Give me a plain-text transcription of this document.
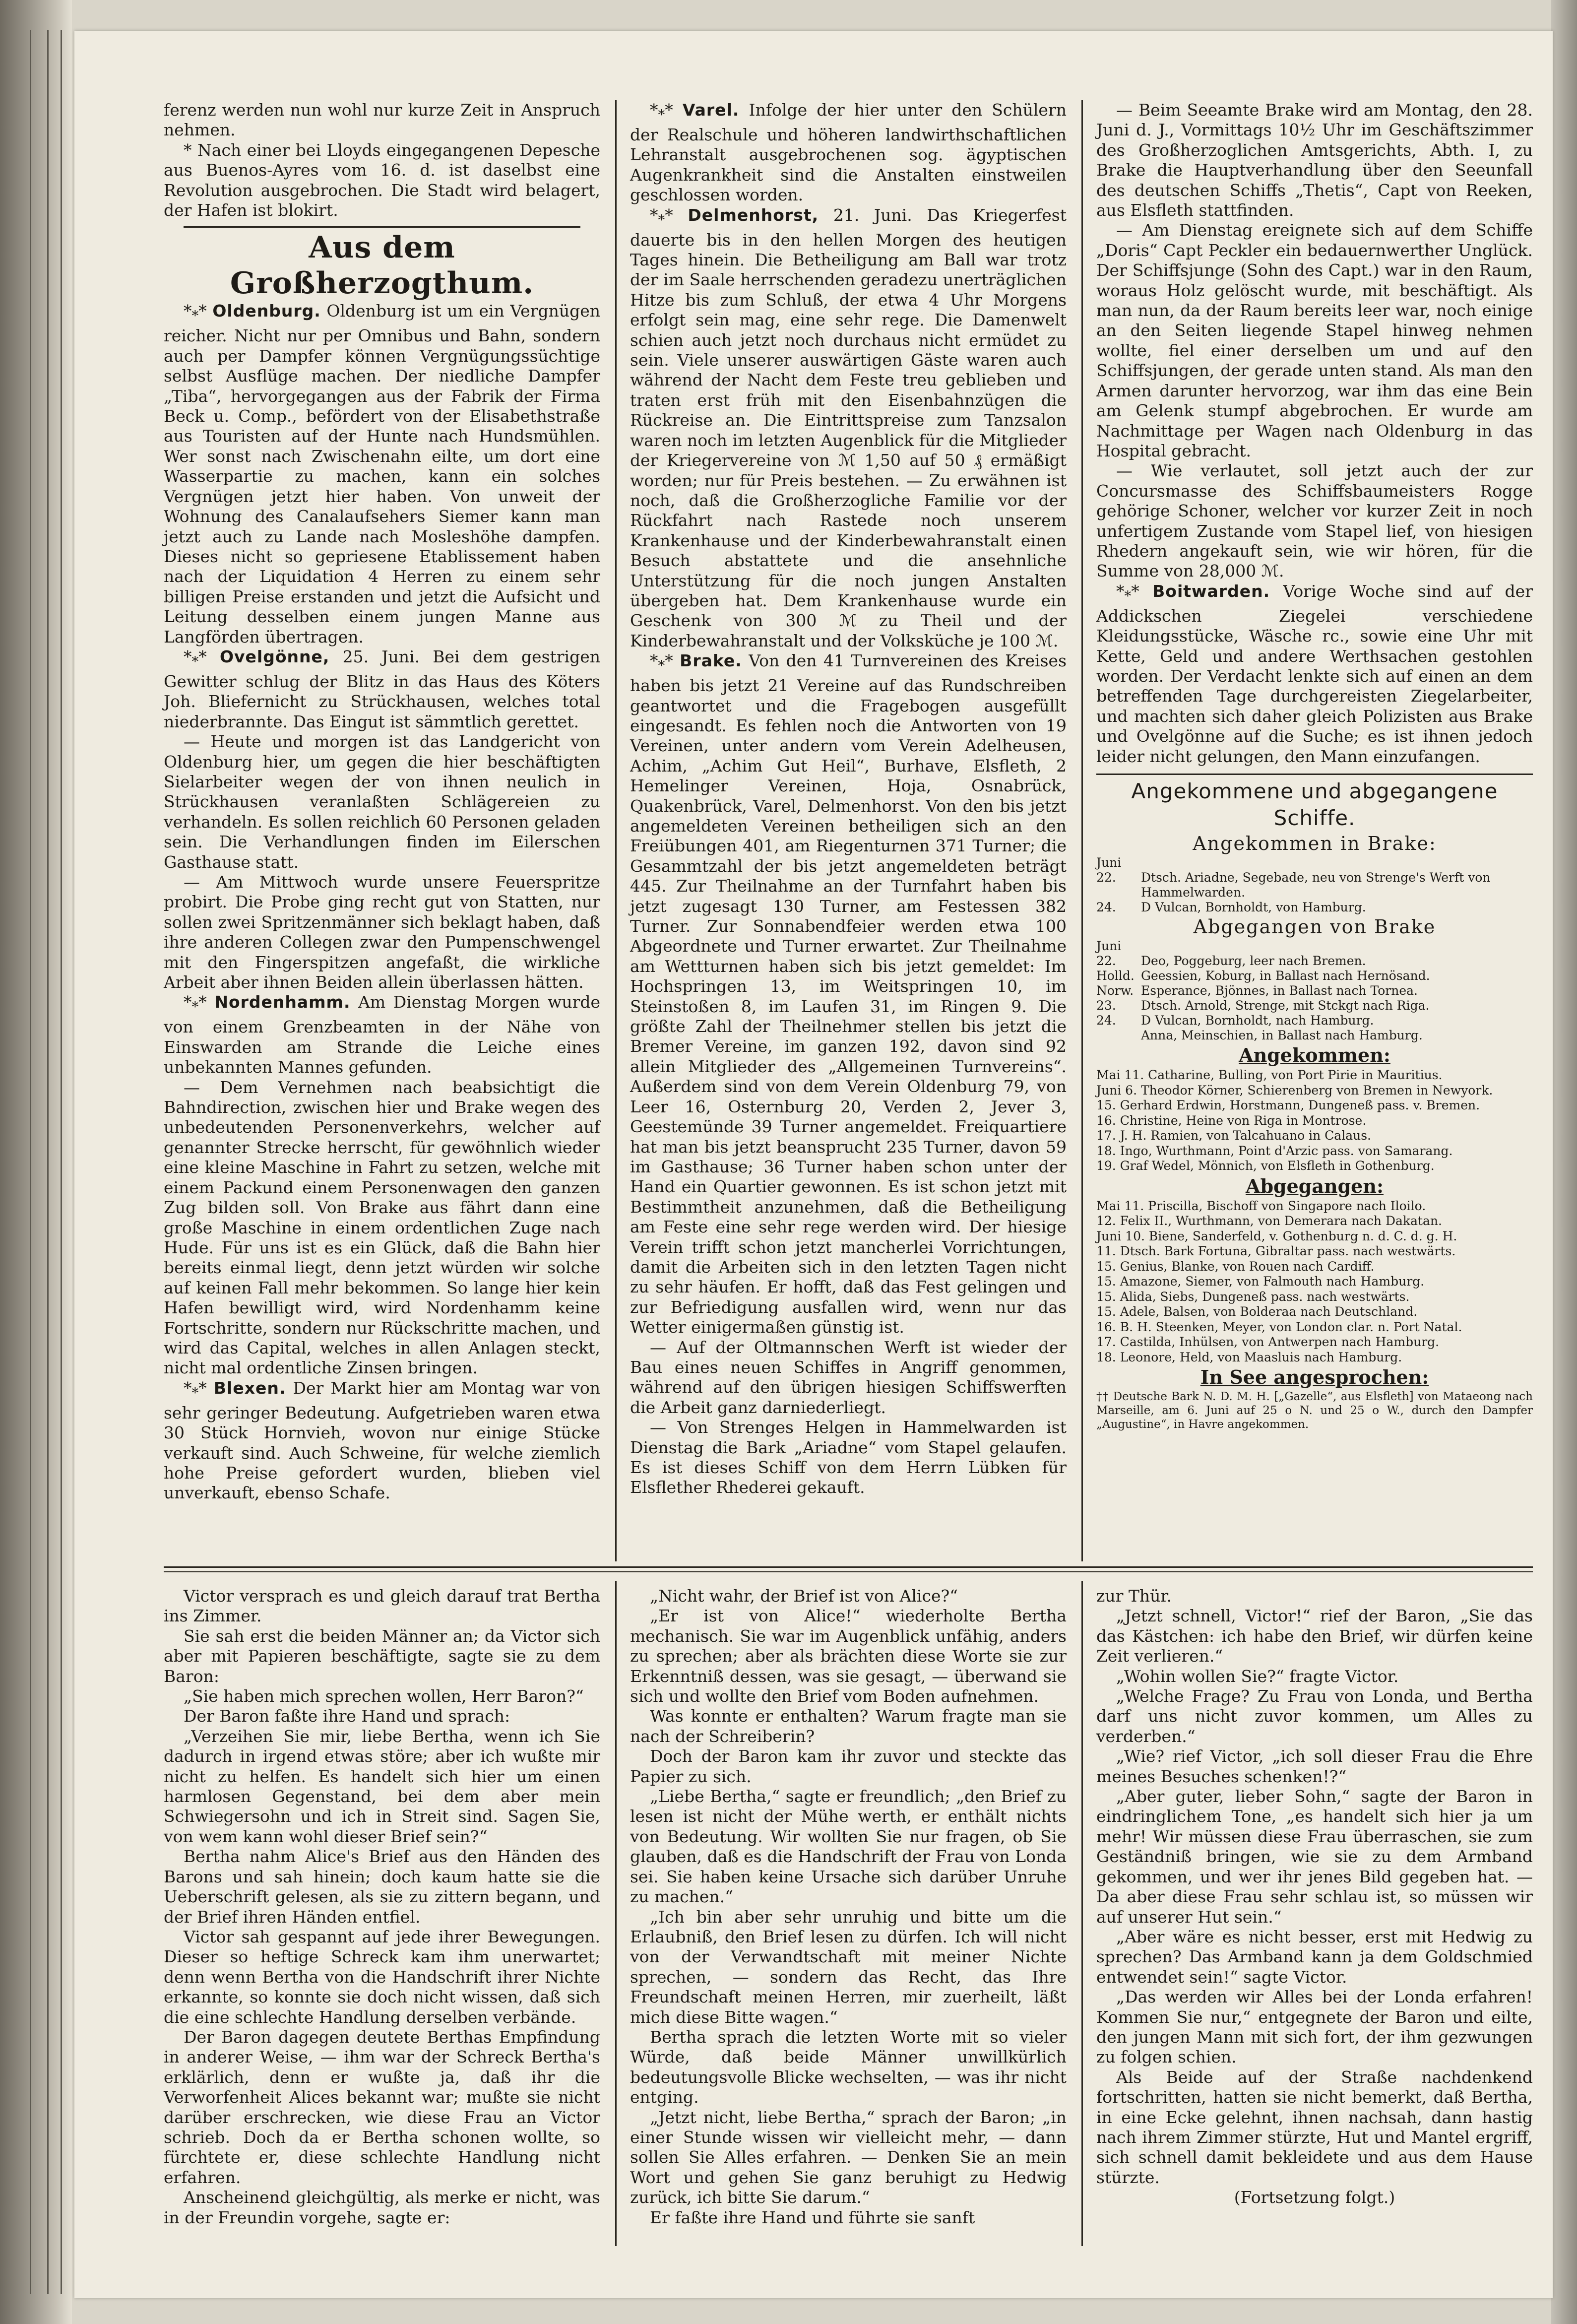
ferenz werden nun wohl nur kurze Zeit in Anspruch nehmen.

* Nach einer bei Lloyds eingegangenen Depesche aus Buenos-Ayres vom 16. d. ist daselbst eine Revolution ausgebrochen. Die Stadt wird belagert, der Hafen ist blokirt.

Aus dem Großherzogthum.

$*_**$ Oldenburg. Oldenburg ist um ein Vergnügen reicher. Nicht nur per Omnibus und Bahn, sondern auch per Dampfer können Vergnügungssüchtige selbst Ausflüge machen. Der niedliche Dampfer „Tiba“, hervorgegangen aus der Fabrik der Firma Beck u. Comp., befördert von der Elisabethstraße aus Touristen auf der Hunte nach Hundsmühlen. Wer sonst nach Zwischenahn eilte, um dort eine Wasserpartie zu machen, kann ein solches Vergnügen jetzt hier haben. Von unweit der Wohnung des Canalaufsehers Siemer kann man jetzt auch zu Lande nach Mosleshöhe dampfen. Dieses nicht so gepriesene Etablissement haben nach der Liquidation 4 Herren zu einem sehr billigen Preise erstanden und jetzt die Aufsicht und Leitung desselben einem jungen Manne aus Langförden übertragen.

$*_**$ Ovelgönne, 25. Juni. Bei dem gestrigen Gewitter schlug der Blitz in das Haus des Köters Joh. Bliefernicht zu Strückhausen, welches total niederbrannte. Das Eingut ist sämmtlich gerettet.

— Heute und morgen ist das Landgericht von Oldenburg hier, um gegen die hier beschäftigten Sielarbeiter wegen der von ihnen neulich in Strückhausen veranlaßten Schlägereien zu verhandeln. Es sollen reichlich 60 Personen geladen sein. Die Verhandlungen finden im Eilerschen Gasthause statt.

— Am Mittwoch wurde unsere Feuerspritze probirt. Die Probe ging recht gut von Statten, nur sollen zwei Spritzenmänner sich beklagt haben, daß ihre anderen Collegen zwar den Pumpenschwengel mit den Fingerspitzen angefaßt, die wirkliche Arbeit aber ihnen Beiden allein überlassen hätten.

$*_**$ Nordenhamm. Am Dienstag Morgen wurde von einem Grenzbeamten in der Nähe von Einswarden am Strande die Leiche eines unbekannten Mannes gefunden.

— Dem Vernehmen nach beabsichtigt die Bahndirection, zwischen hier und Brake wegen des unbedeutenden Personenverkehrs, welcher auf genannter Strecke herrscht, für gewöhnlich wieder eine kleine Maschine in Fahrt zu setzen, welche mit einem Packund einem Personenwagen den ganzen Zug bilden soll. Von Brake aus fährt dann eine große Maschine in einem ordentlichen Zuge nach Hude. Für uns ist es ein Glück, daß die Bahn hier bereits einmal liegt, denn jetzt würden wir solche auf keinen Fall mehr bekommen. So lange hier kein Hafen bewilligt wird, wird Nordenhamm keine Fortschritte, sondern nur Rückschritte machen, und wird das Capital, welches in allen Anlagen steckt, nicht mal ordentliche Zinsen bringen.

$*_**$ Blexen. Der Markt hier am Montag war von sehr geringer Bedeutung. Aufgetrieben waren etwa 30 Stück Hornvieh, wovon nur einige Stücke verkauft sind. Auch Schweine, für welche ziemlich hohe Preise gefordert wurden, blieben viel unverkauft, ebenso Schafe.

$*_**$ Varel. Infolge der hier unter den Schülern der Realschule und höheren landwirthschaftlichen Lehranstalt ausgebrochenen sog. ägyptischen Augenkrankheit sind die Anstalten einstweilen geschlossen worden.

$*_**$ Delmenhorst, 21. Juni. Das Kriegerfest dauerte bis in den hellen Morgen des heutigen Tages hinein. Die Betheiligung am Ball war trotz der im Saale herrschenden geradezu unerträglichen Hitze bis zum Schluß, der etwa 4 Uhr Morgens erfolgt sein mag, eine sehr rege. Die Damenwelt schien auch jetzt noch durchaus nicht ermüdet zu sein. Viele unserer auswärtigen Gäste waren auch während der Nacht dem Feste treu geblieben und traten erst früh mit den Eisenbahnzügen die Rückreise an. Die Eintrittspreise zum Tanzsalon waren noch im letzten Augenblick für die Mitglieder der Kriegervereine von ℳ 1,50 auf 50 ₰ ermäßigt worden; nur für Preis bestehen. — Zu erwähnen ist noch, daß die Großherzogliche Familie vor der Rückfahrt nach Rastede noch unserem Krankenhause und der Kinderbewahranstalt einen Besuch abstattete und die ansehnliche Unterstützung für die noch jungen Anstalten übergeben hat. Dem Krankenhause wurde ein Geschenk von 300 ℳ zu Theil und der Kinderbewahranstalt und der Volksküche je 100 ℳ.

$*_**$ Brake. Von den 41 Turnvereinen des Kreises haben bis jetzt 21 Vereine auf das Rundschreiben geantwortet und die Fragebogen ausgefüllt eingesandt. Es fehlen noch die Antworten von 19 Vereinen, unter andern vom Verein Adelheusen, Achim, „Achim Gut Heil“, Burhave, Elsfleth, 2 Hemelinger Vereinen, Hoja, Osnabrück, Quakenbrück, Varel, Delmenhorst. Von den bis jetzt angemeldeten Vereinen betheiligen sich an den Freiübungen 401, am Riegenturnen 371 Turner; die Gesammtzahl der bis jetzt angemeldeten beträgt 445. Zur Theilnahme an der Turnfahrt haben bis jetzt zugesagt 130 Turner, am Festessen 382 Turner. Zur Sonnabendfeier werden etwa 100 Abgeordnete und Turner erwartet. Zur Theilnahme am Wettturnen haben sich bis jetzt gemeldet: Im Hochspringen 13, im Weitspringen 10, im Steinstoßen 8, im Laufen 31, im Ringen 9. Die größte Zahl der Theilnehmer stellen bis jetzt die Bremer Vereine, im ganzen 192, davon sind 92 allein Mitglieder des „Allgemeinen Turnvereins“. Außerdem sind von dem Verein Oldenburg 79, von Leer 16, Osternburg 20, Verden 2, Jever 3, Geestemünde 39 Turner angemeldet. Freiquartiere hat man bis jetzt beansprucht 235 Turner, davon 59 im Gasthause; 36 Turner haben schon unter der Hand ein Quartier gewonnen. Es ist schon jetzt mit Bestimmtheit anzunehmen, daß die Betheiligung am Feste eine sehr rege werden wird. Der hiesige Verein trifft schon jetzt mancherlei Vorrichtungen, damit die Arbeiten sich in den letzten Tagen nicht zu sehr häufen. Er hofft, daß das Fest gelingen und zur Befriedigung ausfallen wird, wenn nur das Wetter einigermaßen günstig ist.

— Auf der Oltmannschen Werft ist wieder der Bau eines neuen Schiffes in Angriff genommen, während auf den übrigen hiesigen Schiffswerften die Arbeit ganz darniederliegt.

— Von Strenges Helgen in Hammelwarden ist Dienstag die Bark „Ariadne“ vom Stapel gelaufen. Es ist dieses Schiff von dem Herrn Lübken für Elsflether Rhederei gekauft.

— Beim Seeamte Brake wird am Montag, den 28. Juni d. J., Vormittags 10½ Uhr im Geschäftszimmer des Großherzoglichen Amtsgerichts, Abth. I, zu Brake die Hauptverhandlung über den Seeunfall des deutschen Schiffs „Thetis“, Capt von Reeken, aus Elsfleth stattfinden.

— Am Dienstag ereignete sich auf dem Schiffe „Doris“ Capt Peckler ein bedauernwerther Unglück. Der Schiffsjunge (Sohn des Capt.) war in den Raum, woraus Holz gelöscht wurde, mit beschäftigt. Als man nun, da der Raum bereits leer war, noch einige an den Seiten liegende Stapel hinweg nehmen wollte, fiel einer derselben um und auf den Schiffsjungen, der gerade unten stand. Als man den Armen darunter hervorzog, war ihm das eine Bein am Gelenk stumpf abgebrochen. Er wurde am Nachmittage per Wagen nach Oldenburg in das Hospital gebracht.

— Wie verlautet, soll jetzt auch der zur Concursmasse des Schiffsbaumeisters Rogge gehörige Schoner, welcher vor kurzer Zeit in noch unfertigem Zustande vom Stapel lief, von hiesigen Rhedern angekauft sein, wie wir hören, für die Summe von 28,000 ℳ.

$*_**$ Boitwarden. Vorige Woche sind auf der Addickschen Ziegelei verschiedene Kleidungsstücke, Wäsche rc., sowie eine Uhr mit Kette, Geld und andere Werthsachen gestohlen worden. Der Verdacht lenkte sich auf einen an dem betreffenden Tage durchgereisten Ziegelarbeiter, und machten sich daher gleich Polizisten aus Brake und Ovelgönne auf die Suche; es ist ihnen jedoch leider nicht gelungen, den Mann einzufangen.

Angekommene und abgegangene Schiffe.

Angekommen in Brake:

Juni
22.	Dtsch. Ariadne, Segebade, neu von Strenge's Werft von Hammelwarden.
24.	D Vulcan, Bornholdt, von Hamburg.

Abgegangen von Brake

Juni
22.	Deo, Poggeburg, leer nach Bremen.
Holld. Geessien, Koburg, in Ballast nach Hernösand.
Norw. Esperance, Bjönnes, in Ballast nach Tornea.
23.	Dtsch. Arnold, Strenge, mit Stckgt nach Riga.
24.	D Vulcan, Bornholdt, nach Hamburg.
Anna, Meinschien, in Ballast nach Hamburg.

Angekommen:

Mai 11. Catharine, Bulling, von Port Pirie in Mauritius.

Juni 6. Theodor Körner, Schierenberg von Bremen in Newyork.

15. Gerhard Erdwin, Horstmann, Dungeneß pass. v. Bremen.

16. Christine, Heine von Riga in Montrose.

17. J. H. Ramien, von Talcahuano in Calaus.

18. Ingo, Wurthmann, Point d'Arzic pass. von Samarang.

19. Graf Wedel, Mönnich, von Elsfleth in Gothenburg.

Abgegangen:

Mai 11. Priscilla, Bischoff von Singapore nach Iloilo.

12. Felix II., Wurthmann, von Demerara nach Dakatan.

Juni 10. Biene, Sanderfeld, v. Gothenburg n. d. C. d. g. H.

11. Dtsch. Bark Fortuna, Gibraltar pass. nach westwärts.

15. Genius, Blanke, von Rouen nach Cardiff.

15. Amazone, Siemer, von Falmouth nach Hamburg.

15. Alida, Siebs, Dungeneß pass. nach westwärts.

15. Adele, Balsen, von Bolderaa nach Deutschland.

16. B. H. Steenken, Meyer, von London clar. n. Port Natal.

17. Castilda, Inhülsen, von Antwerpen nach Hamburg.

18. Leonore, Held, von Maasluis nach Hamburg.

In See angesprochen:

†† Deutsche Bark N. D. M. H. [„Gazelle“, aus Elsfleth] von Mataeong nach Marseille, am 6. Juni auf 25 o N. und 25 o W., durch den Dampfer „Augustine“, in Havre angekommen.

Victor versprach es und gleich darauf trat Bertha ins Zimmer.

Sie sah erst die beiden Männer an; da Victor sich aber mit Papieren beschäftigte, sagte sie zu dem Baron:

„Sie haben mich sprechen wollen, Herr Baron?“

Der Baron faßte ihre Hand und sprach:

„Verzeihen Sie mir, liebe Bertha, wenn ich Sie dadurch in irgend etwas störe; aber ich wußte mir nicht zu helfen. Es handelt sich hier um einen harmlosen Gegenstand, bei dem aber mein Schwiegersohn und ich in Streit sind. Sagen Sie, von wem kann wohl dieser Brief sein?“

Bertha nahm Alice's Brief aus den Händen des Barons und sah hinein; doch kaum hatte sie die Ueberschrift gelesen, als sie zu zittern begann, und der Brief ihren Händen entfiel.

Victor sah gespannt auf jede ihrer Bewegungen. Dieser so heftige Schreck kam ihm unerwartet; denn wenn Bertha von die Handschrift ihrer Nichte erkannte, so konnte sie doch nicht wissen, daß sich die eine schlechte Handlung derselben verbände.

Der Baron dagegen deutete Berthas Empfindung in anderer Weise, — ihm war der Schreck Bertha's erklärlich, denn er wußte ja, daß ihr die Verworfenheit Alices bekannt war; mußte sie nicht darüber erschrecken, wie diese Frau an Victor schrieb. Doch da er Bertha schonen wollte, so fürchtete er, diese schlechte Handlung nicht erfahren.

Anscheinend gleichgültig, als merke er nicht, was in der Freundin vorgehe, sagte er:

„Nicht wahr, der Brief ist von Alice?“

„Er ist von Alice!“ wiederholte Bertha mechanisch. Sie war im Augenblick unfähig, anders zu sprechen; aber als brächten diese Worte sie zur Erkenntniß dessen, was sie gesagt, — überwand sie sich und wollte den Brief vom Boden aufnehmen.

Was konnte er enthalten? Warum fragte man sie nach der Schreiberin?

Doch der Baron kam ihr zuvor und steckte das Papier zu sich.

„Liebe Bertha,“ sagte er freundlich; „den Brief zu lesen ist nicht der Mühe werth, er enthält nichts von Bedeutung. Wir wollten Sie nur fragen, ob Sie glauben, daß es die Handschrift der Frau von Londa sei. Sie haben keine Ursache sich darüber Unruhe zu machen.“

„Ich bin aber sehr unruhig und bitte um die Erlaubniß, den Brief lesen zu dürfen. Ich will nicht von der Verwandtschaft mit meiner Nichte sprechen, — sondern das Recht, das Ihre Freundschaft meinen Herren, mir zuerheilt, läßt mich diese Bitte wagen.“

Bertha sprach die letzten Worte mit so vieler Würde, daß beide Männer unwillkürlich bedeutungsvolle Blicke wechselten, — was ihr nicht entging.

„Jetzt nicht, liebe Bertha,“ sprach der Baron; „in einer Stunde wissen wir vielleicht mehr, — dann sollen Sie Alles erfahren. — Denken Sie an mein Wort und gehen Sie ganz beruhigt zu Hedwig zurück, ich bitte Sie darum.“

Er faßte ihre Hand und führte sie sanft

zur Thür.

„Jetzt schnell, Victor!“ rief der Baron, „Sie das das Kästchen: ich habe den Brief, wir dürfen keine Zeit verlieren.“

„Wohin wollen Sie?“ fragte Victor.

„Welche Frage? Zu Frau von Londa, und Bertha darf uns nicht zuvor kommen, um Alles zu verderben.“

„Wie? rief Victor, „ich soll dieser Frau die Ehre meines Besuches schenken!?“

„Aber guter, lieber Sohn,“ sagte der Baron in eindringlichem Tone, „es handelt sich hier ja um mehr! Wir müssen diese Frau überraschen, sie zum Geständniß bringen, wie sie zu dem Armband gekommen, und wer ihr jenes Bild gegeben hat. — Da aber diese Frau sehr schlau ist, so müssen wir auf unserer Hut sein.“

„Aber wäre es nicht besser, erst mit Hedwig zu sprechen? Das Armband kann ja dem Goldschmied entwendet sein!“ sagte Victor.

„Das werden wir Alles bei der Londa erfahren! Kommen Sie nur,“ entgegnete der Baron und eilte, den jungen Mann mit sich fort, der ihm gezwungen zu folgen schien.

Als Beide auf der Straße nachdenkend fortschritten, hatten sie nicht bemerkt, daß Bertha, in eine Ecke gelehnt, ihnen nachsah, dann hastig nach ihrem Zimmer stürzte, Hut und Mantel ergriff, sich schnell damit bekleidete und aus dem Hause stürzte.

(Fortsetzung folgt.)
